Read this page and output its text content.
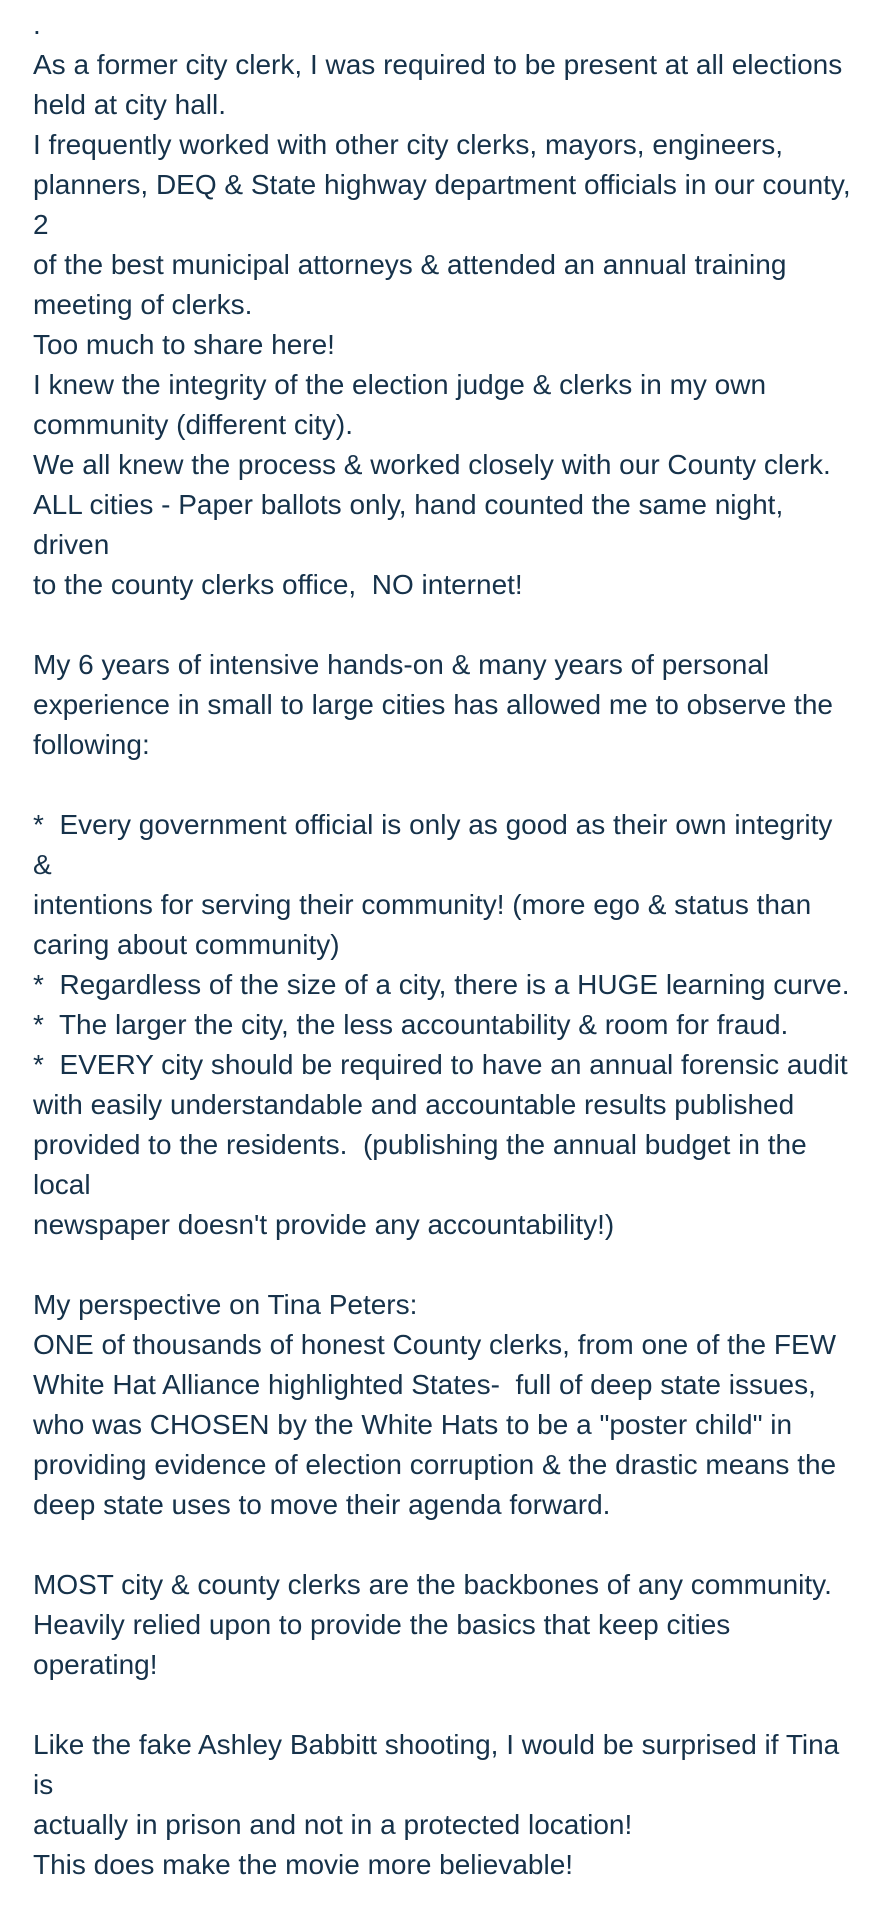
.
As a former city clerk, I was required to be present at all elections
held at city hall.
I frequently worked with other city clerks, mayors, engineers,
planners, DEQ & State highway department officials in our county, 2
of the best municipal attorneys & attended an annual training
meeting of clerks.
Too much to share here!
I knew the integrity of the election judge & clerks in my own
community (different city).
We all knew the process & worked closely with our County clerk.
ALL cities - Paper ballots only, hand counted the same night, driven
to the county clerks office,  NO internet!
My 6 years of intensive hands-on & many years of personal
experience in small to large cities has allowed me to observe the
following:
*  Every government official is only as good as their own integrity &
intentions for serving their community! (more ego & status than
caring about community)
*  Regardless of the size of a city, there is a HUGE learning curve.
*  The larger the city, the less accountability & room for fraud.
*  EVERY city should be required to have an annual forensic audit
with easily understandable and accountable results published
provided to the residents.  (publishing the annual budget in the local
newspaper doesn't provide any accountability!)
My perspective on Tina Peters:
ONE of thousands of honest County clerks, from one of the FEW
White Hat Alliance highlighted States-  full of deep state issues,
who was CHOSEN by the White Hats to be a "poster child" in
providing evidence of election corruption & the drastic means the
deep state uses to move their agenda forward.
MOST city & county clerks are the backbones of any community.
Heavily relied upon to provide the basics that keep cities operating!
Like the fake Ashley Babbitt shooting, I would be surprised if Tina is
actually in prison and not in a protected location!
This does make the movie more believable!
